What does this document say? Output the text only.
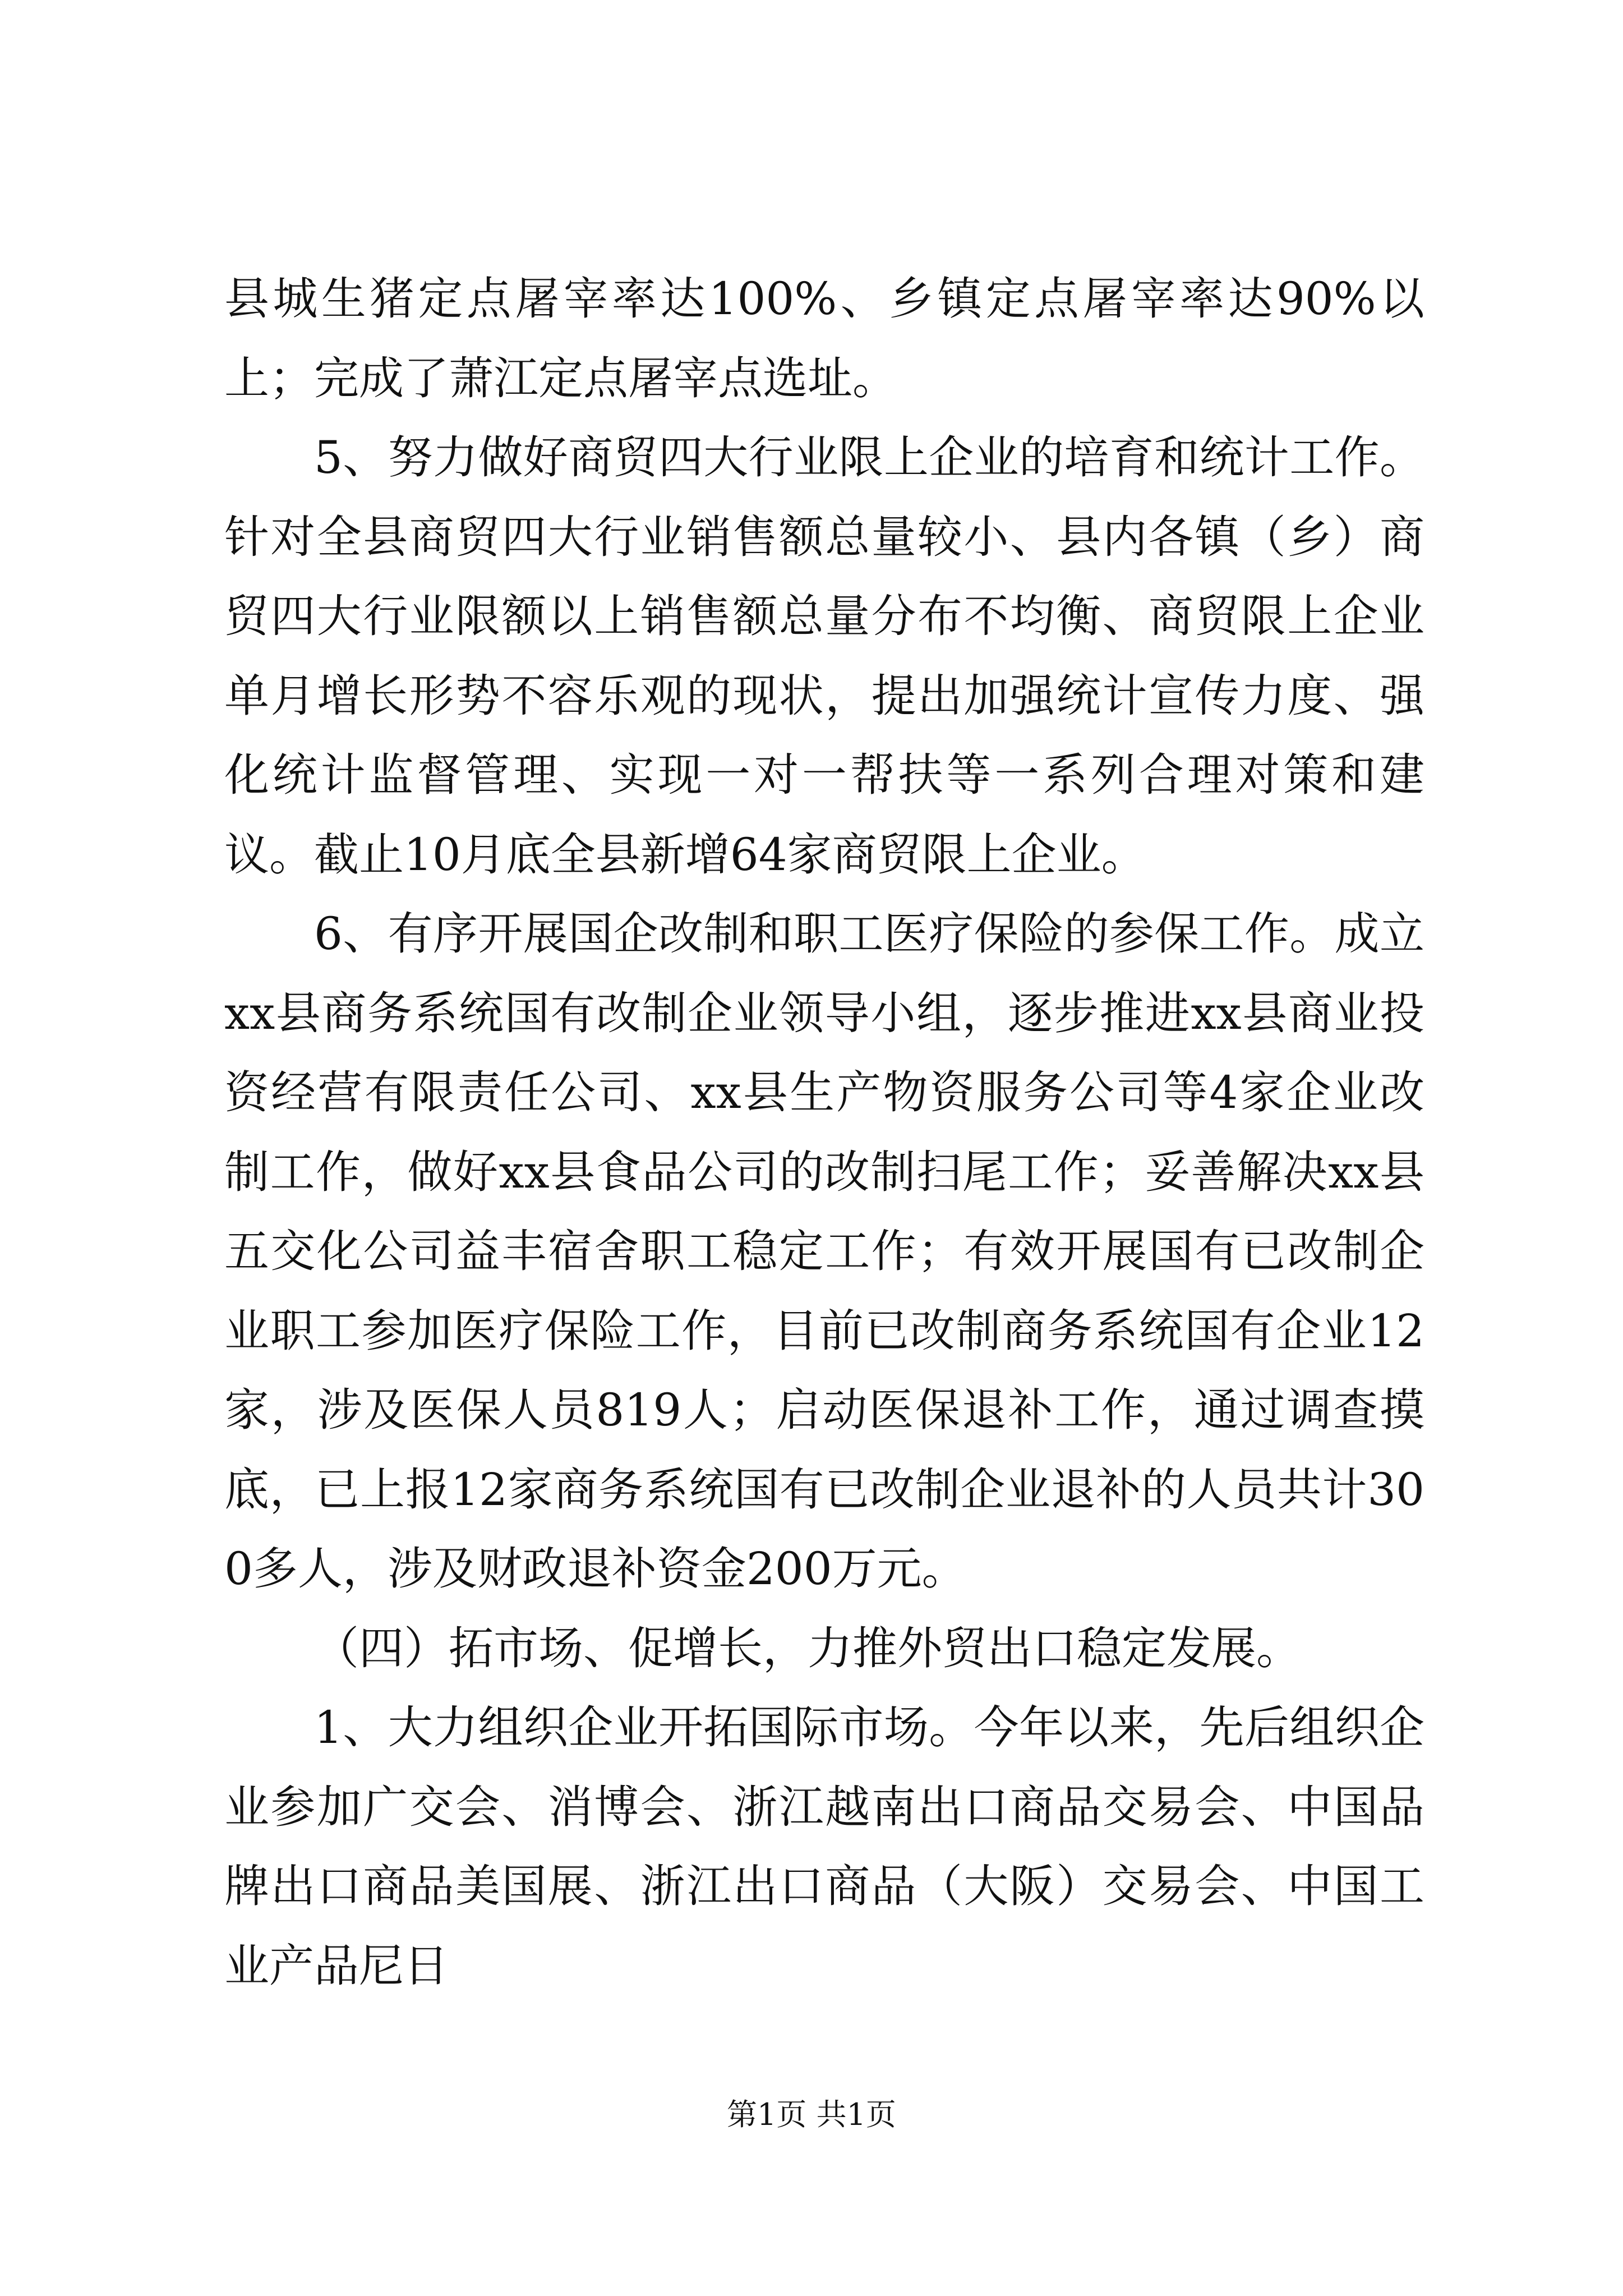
县城生猪定点屠宰率达100%、乡镇定点屠宰率达90%以上；完成了萧江定点屠宰点选址。

5、努力做好商贸四大行业限上企业的培育和统计工作。针对全县商贸四大行业销售额总量较小、县内各镇（乡）商贸四大行业限额以上销售额总量分布不均衡、商贸限上企业单月增长形势不容乐观的现状，提出加强统计宣传力度、强化统计监督管理、实现一对一帮扶等一系列合理对策和建议。截止10月底全县新增64家商贸限上企业。

6、有序开展国企改制和职工医疗保险的参保工作。成立xx县商务系统国有改制企业领导小组，逐步推进xx县商业投资经营有限责任公司、xx县生产物资服务公司等4家企业改制工作，做好xx县食品公司的改制扫尾工作；妥善解决xx县五交化公司益丰宿舍职工稳定工作；有效开展国有已改制企业职工参加医疗保险工作，目前已改制商务系统国有企业12家，涉及医保人员819人；启动医保退补工作，通过调查摸底，已上报12家商务系统国有已改制企业退补的人员共计300多人，涉及财政退补资金200万元。

（四）拓市场、促增长，力推外贸出口稳定发展。

1、大力组织企业开拓国际市场。今年以来，先后组织企业参加广交会、消博会、浙江越南出口商品交易会、中国品牌出口商品美国展、浙江出口商品（大阪）交易会、中国工业产品尼日

第1页 共1页
